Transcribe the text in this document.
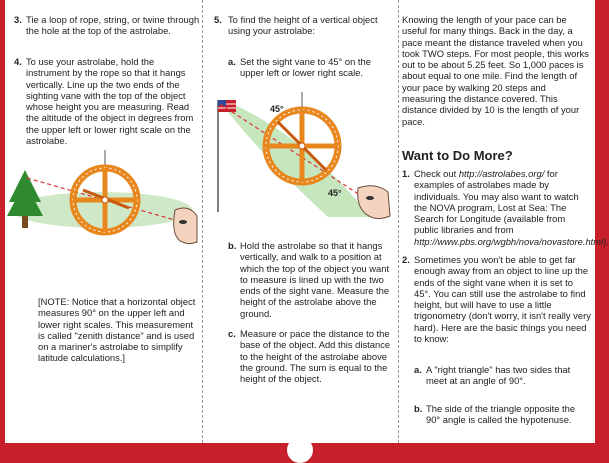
3. Tie a loop of rope, string, or twine through the hole at the top of the astrolabe.
4. To use your astrolabe, hold the instrument by the rope so that it hangs vertically. Line up the two ends of the sighting vane with the top of the object whose height you are measuring. Read the altitude of the object in degrees from the upper left or lower right scale on the astrolabe.
[NOTE: Notice that a horizontal object measures 90° on the upper left and lower right scales. This measurement is called "zenith distance" and is used on a mariner's astrolabe to simplify latitude calculations.]
5. To find the height of a vertical object using your astrolabe:
a. Set the sight vane to 45° on the upper left or lower right scale.
45°
45°
b. Hold the astrolabe so that it hangs vertically, and walk to a position at which the top of the object you want to measure is lined up with the two ends of the sight vane. Measure the height of the astrolabe above the ground.
c. Measure or pace the distance to the base of the object. Add this distance to the height of the astrolabe above the ground. The sum is equal to the height of the object.
Knowing the length of your pace can be useful for many things. Back in the day, a pace meant the distance traveled when you took TWO steps. For most people, this works out to be about 5.25 feet. So 1,000 paces is about equal to one mile. Find the length of your pace by walking 20 steps and measuring the distance covered. This distance divided by 10 is the length of your pace.
Want to Do More?
1. Check out http://astrolabes.org/ for examples of astrolabes made by individuals. You may also want to watch the NOVA program, Lost at Sea: The Search for Longitude (available from public libraries and from http://www.pbs.org/wgbh/nova/novastore.html).
2. Sometimes you won't be able to get far enough away from an object to line up the ends of the sight vane when it is set to 45°. You can still use the astrolabe to find height, but will have to use a little trigonometry (don't worry, it isn't really very hard). Here are the basic things you need to know:
a. A "right triangle" has two sides that meet at an angle of 90°.
b. The side of the triangle opposite the 90° angle is called the hypotenuse.
